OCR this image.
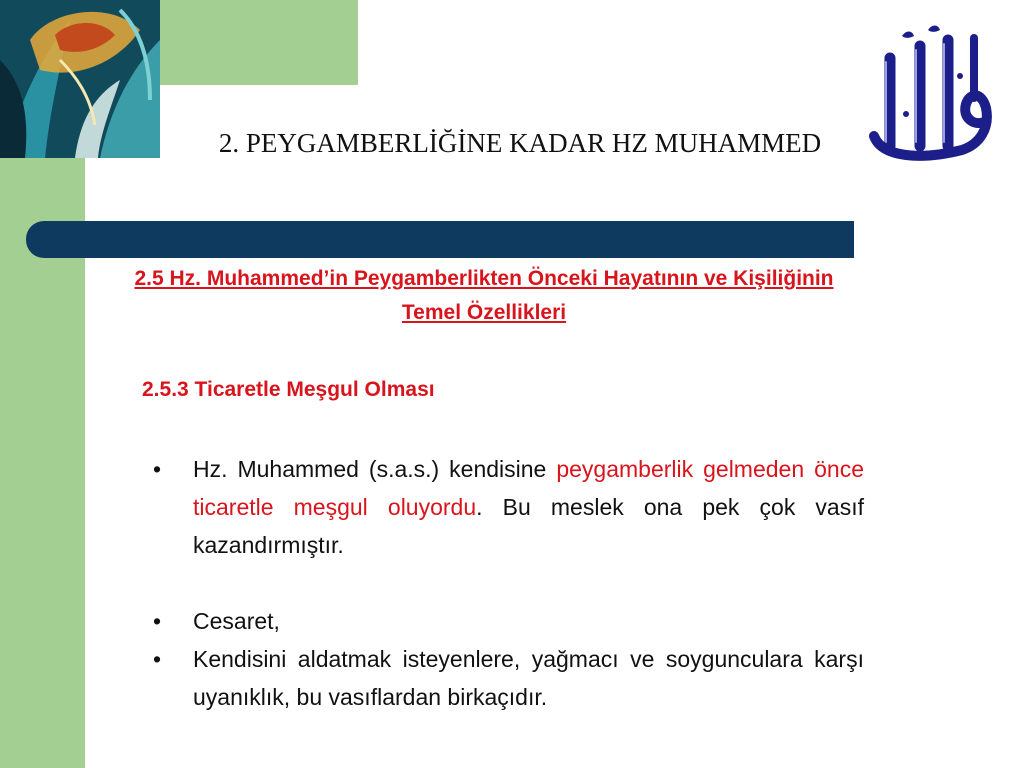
2. PEYGAMBERLİĞİNE KADAR HZ MUHAMMED

2.5 Hz. Muhammed’in Peygamberlikten Önceki Hayatının ve Kişiliğinin Temel Özellikleri

2.5.3 Ticaretle Meşgul Olması

• Hz. Muhammed (s.a.s.) kendisine peygamberlik gelmeden önce ticaretle meşgul oluyordu. Bu meslek ona pek çok vasıf kazandırmıştır.
• Cesaret,
• Kendisini aldatmak isteyenlere, yağmacı ve soygunculara karşı uyanıklık, bu vasıflardan birkaçıdır.
